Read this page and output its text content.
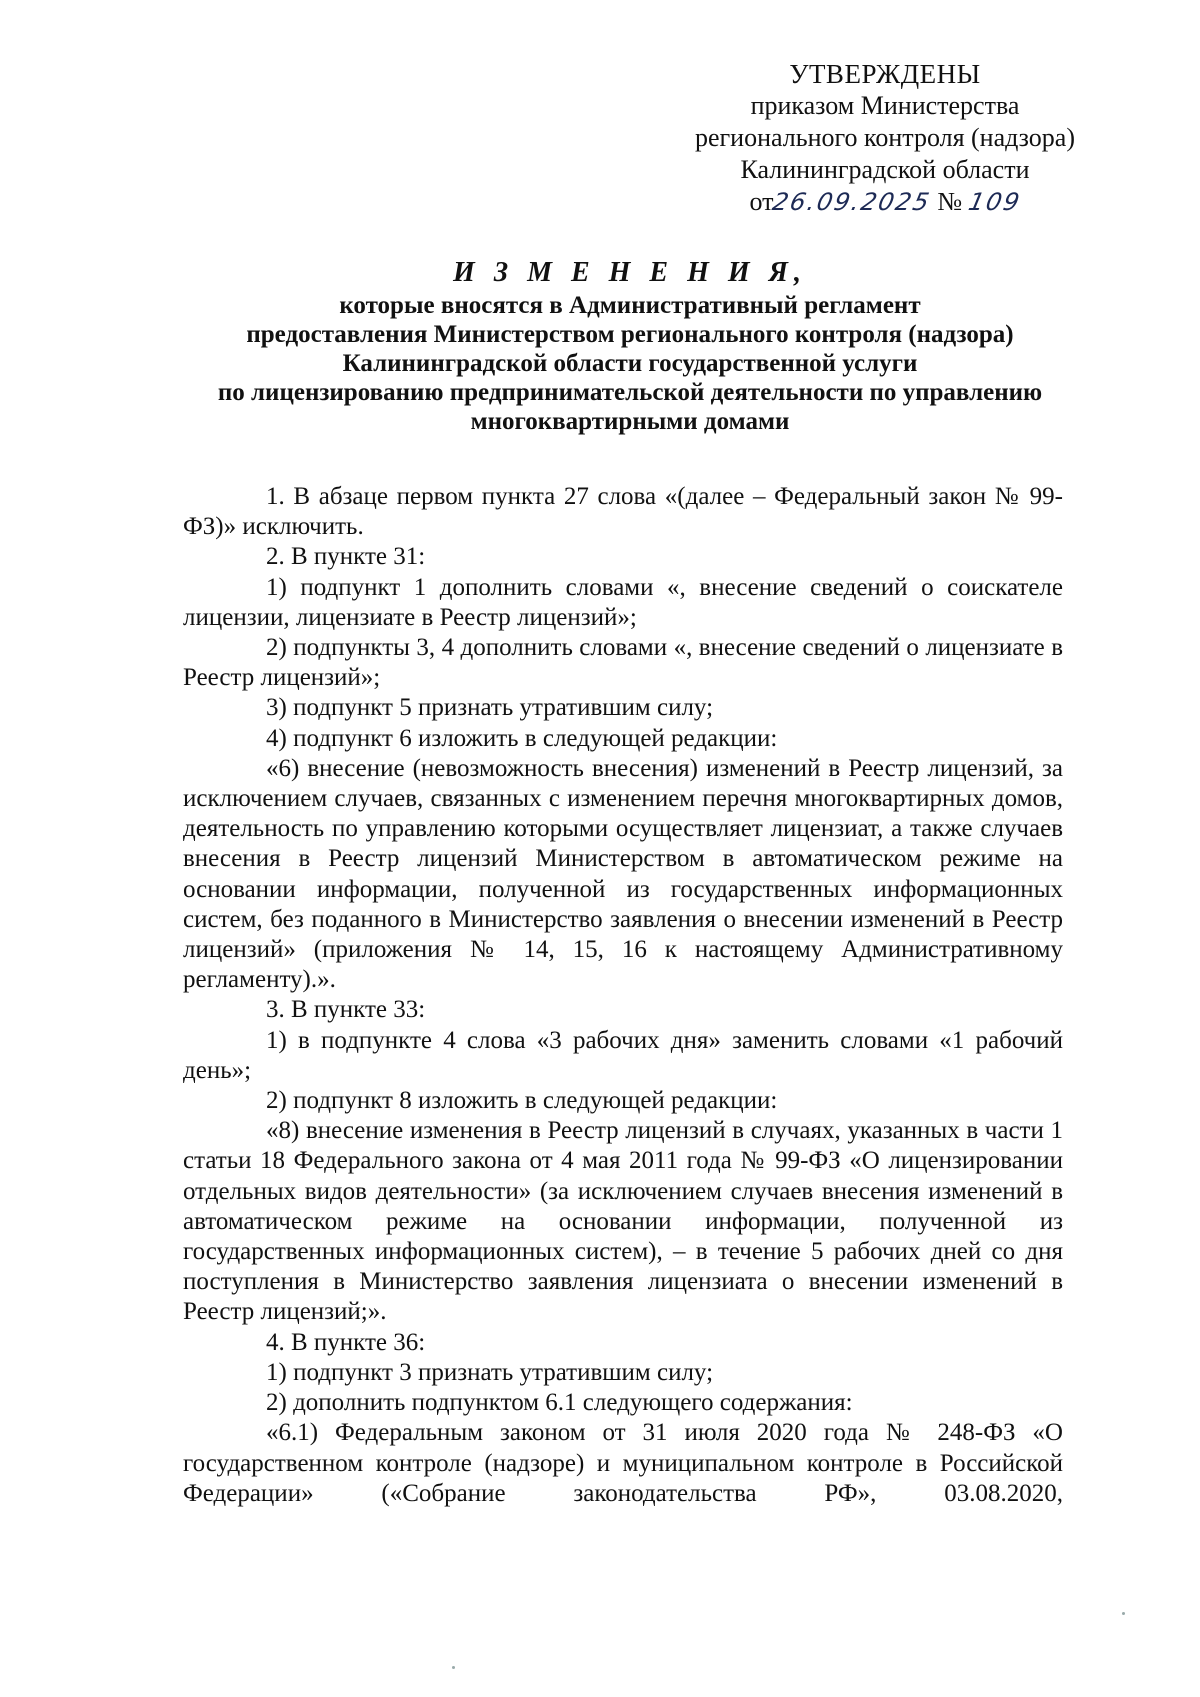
УТВЕРЖДЕНЫ
приказом Министерства
регионального контроля (надзора)
Калининградской области
от26.09.2025 № 109
И З М Е Н Е Н И Я,
которые вносятся в Административный регламент
предоставления Министерством регионального контроля (надзора)
Калининградской области государственной услуги
по лицензированию предпринимательской деятельности по управлению
многоквартирными домами

1. В абзаце первом пункта 27 слова «(далее – Федеральный закон № 99-ФЗ)» исключить.

2. В пункте 31:

1) подпункт 1 дополнить словами «, внесение сведений о соискателе лицензии, лицензиате в Реестр лицензий»;

2) подпункты 3, 4 дополнить словами «, внесение сведений о лицензиате в Реестр лицензий»;

3) подпункт 5 признать утратившим силу;

4) подпункт 6 изложить в следующей редакции:

«6) внесение (невозможность внесения) изменений в Реестр лицензий, за исключением случаев, связанных с изменением перечня многоквартирных домов, деятельность по управлению которыми осуществляет лицензиат, а также случаев внесения в Реестр лицензий Министерством в автоматическом режиме на основании информации, полученной из государственных информационных систем, без поданного в Министерство заявления о внесении изменений в Реестр лицензий» (приложения № 14, 15, 16 к настоящему Административному регламенту).».

3. В пункте 33:

1) в подпункте 4 слова «3 рабочих дня» заменить словами «1 рабочий день»;

2) подпункт 8 изложить в следующей редакции:

«8) внесение изменения в Реестр лицензий в случаях, указанных в части 1 статьи 18 Федерального закона от 4 мая 2011 года № 99-ФЗ «О лицензировании отдельных видов деятельности» (за исключением случаев внесения изменений в автоматическом режиме на основании информации, полученной из государственных информационных систем), – в течение 5 рабочих дней со дня поступления в Министерство заявления лицензиата о внесении изменений в Реестр лицензий;».

4. В пункте 36:

1) подпункт 3 признать утратившим силу;

2) дополнить подпунктом 6.1 следующего содержания:

«6.1) Федеральным законом от 31 июля 2020 года № 248-ФЗ «О государственном контроле (надзоре) и муниципальном контроле в Российской Федерации» («Собрание законодательства РФ», 03.08.2020,
